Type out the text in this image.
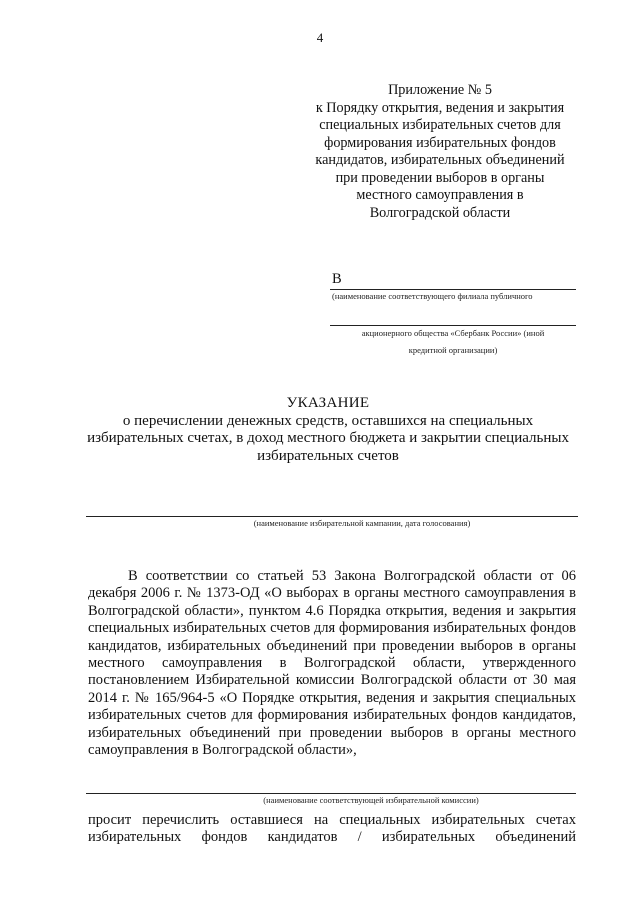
4
Приложение № 5
к Порядку открытия, ведения и закрытия
специальных избирательных счетов для
формирования избирательных фондов
кандидатов, избирательных объединений
при проведении выборов в органы
местного самоуправления в
Волгоградской области
В
(наименование соответствующего филиала публичного
акционерного общества «Сбербанк России» (иной
кредитной организации)
УКАЗАНИЕ
о перечислении денежных средств, оставшихся на специальных
избирательных счетах, в доход местного бюджета и закрытии специальных
избирательных счетов
(наименование избирательной кампании, дата голосования)
В соответствии со статьей 53 Закона Волгоградской области от 06 декабря 2006 г. № 1373-ОД «О выборах в органы местного самоуправления в Волгоградской области», пунктом 4.6 Порядка открытия, ведения и закрытия специальных избирательных счетов для формирования избирательных фондов кандидатов, избирательных объединений при проведении выборов в органы местного самоуправления в Волгоградской области, утвержденного постановлением Избирательной комиссии Волгоградской области от 30 мая 2014 г. № 165/964-5 «О Порядке открытия, ведения и закрытия специальных избирательных счетов для формирования избирательных фондов кандидатов, избирательных объединений при проведении выборов в органы местного самоуправления в Волгоградской области»,
(наименование соответствующей избирательной комиссии)
просит перечислить оставшиеся на специальных избирательных счетах
избирательных фондов кандидатов / избирательных объединений
